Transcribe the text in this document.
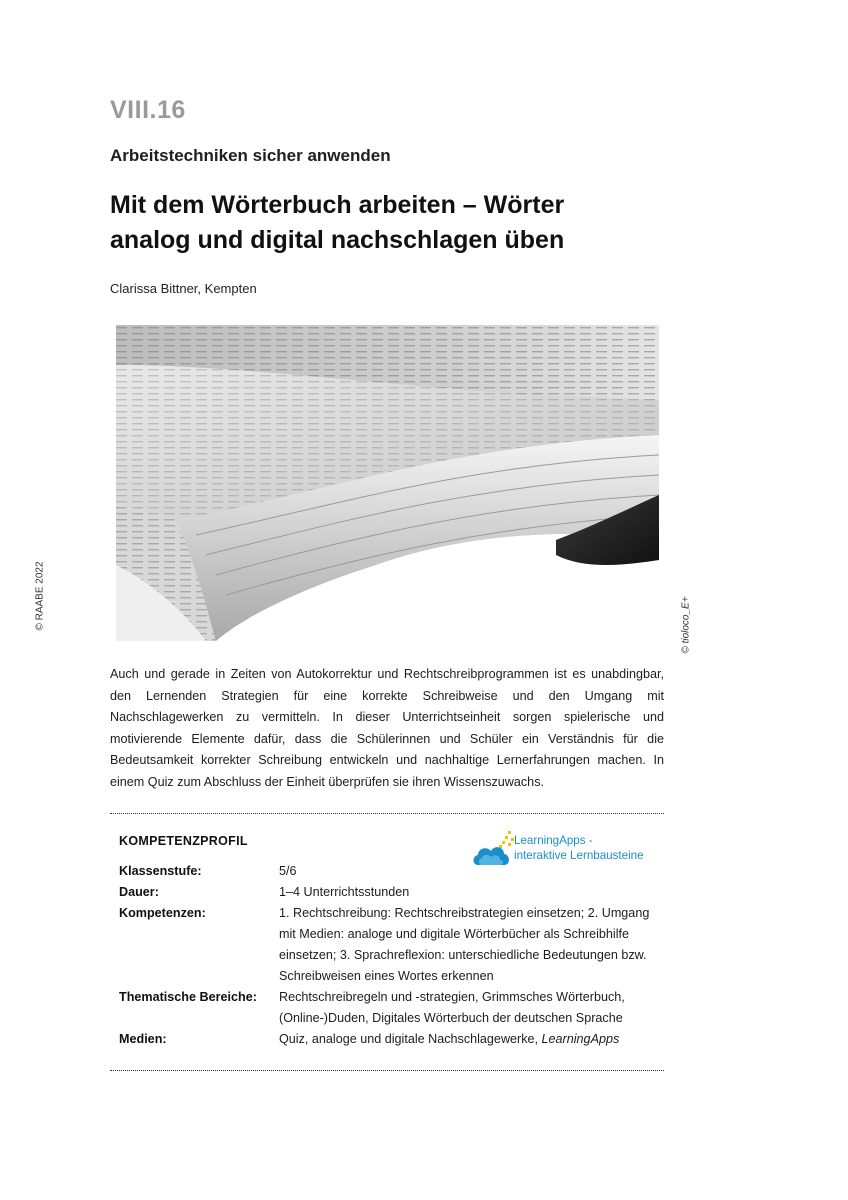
VIII.16
Arbeitstechniken sicher anwenden
Mit dem Wörterbuch arbeiten – Wörter
analog und digital nachschlagen üben
Clarissa Bittner, Kempten
© RAABE 2022	© tioloco_E+

Auch und gerade in Zeiten von Autokorrektur und Rechtschreibprogrammen ist es unabdingbar, den Lernenden Strategien für eine korrekte Schreibweise und den Umgang mit Nachschlagewerken zu vermitteln. In dieser Unterrichtseinheit sorgen spielerische und motivierende Elemente dafür, dass die Schülerinnen und Schüler ein Verständnis für die Bedeutsamkeit korrekter Schreibung entwickeln und nachhaltige Lernerfahrungen machen. In einem Quiz zum Abschluss der Einheit überprüfen sie ihren Wissenszuwachs.

KOMPETENZPROFIL	LearningApps -
interaktive Lernbausteine
Klassenstufe:	5/6
Dauer:	1–4 Unterrichtsstunden
Kompetenzen:	1. Rechtschreibung: Rechtschreibstrategien einsetzen; 2. Umgang mit Medien: analoge und digitale Wörterbücher als Schreibhilfe einsetzen; 3. Sprachreflexion: unterschiedliche Bedeutungen bzw. Schreibweisen eines Wortes erkennen
Thematische Bereiche: Rechtschreibregeln und -strategien, Grimmsches Wörterbuch, (Online-)Duden, Digitales Wörterbuch der deutschen Sprache
Medien:	Quiz, analoge und digitale Nachschlagewerke, LearningApps
